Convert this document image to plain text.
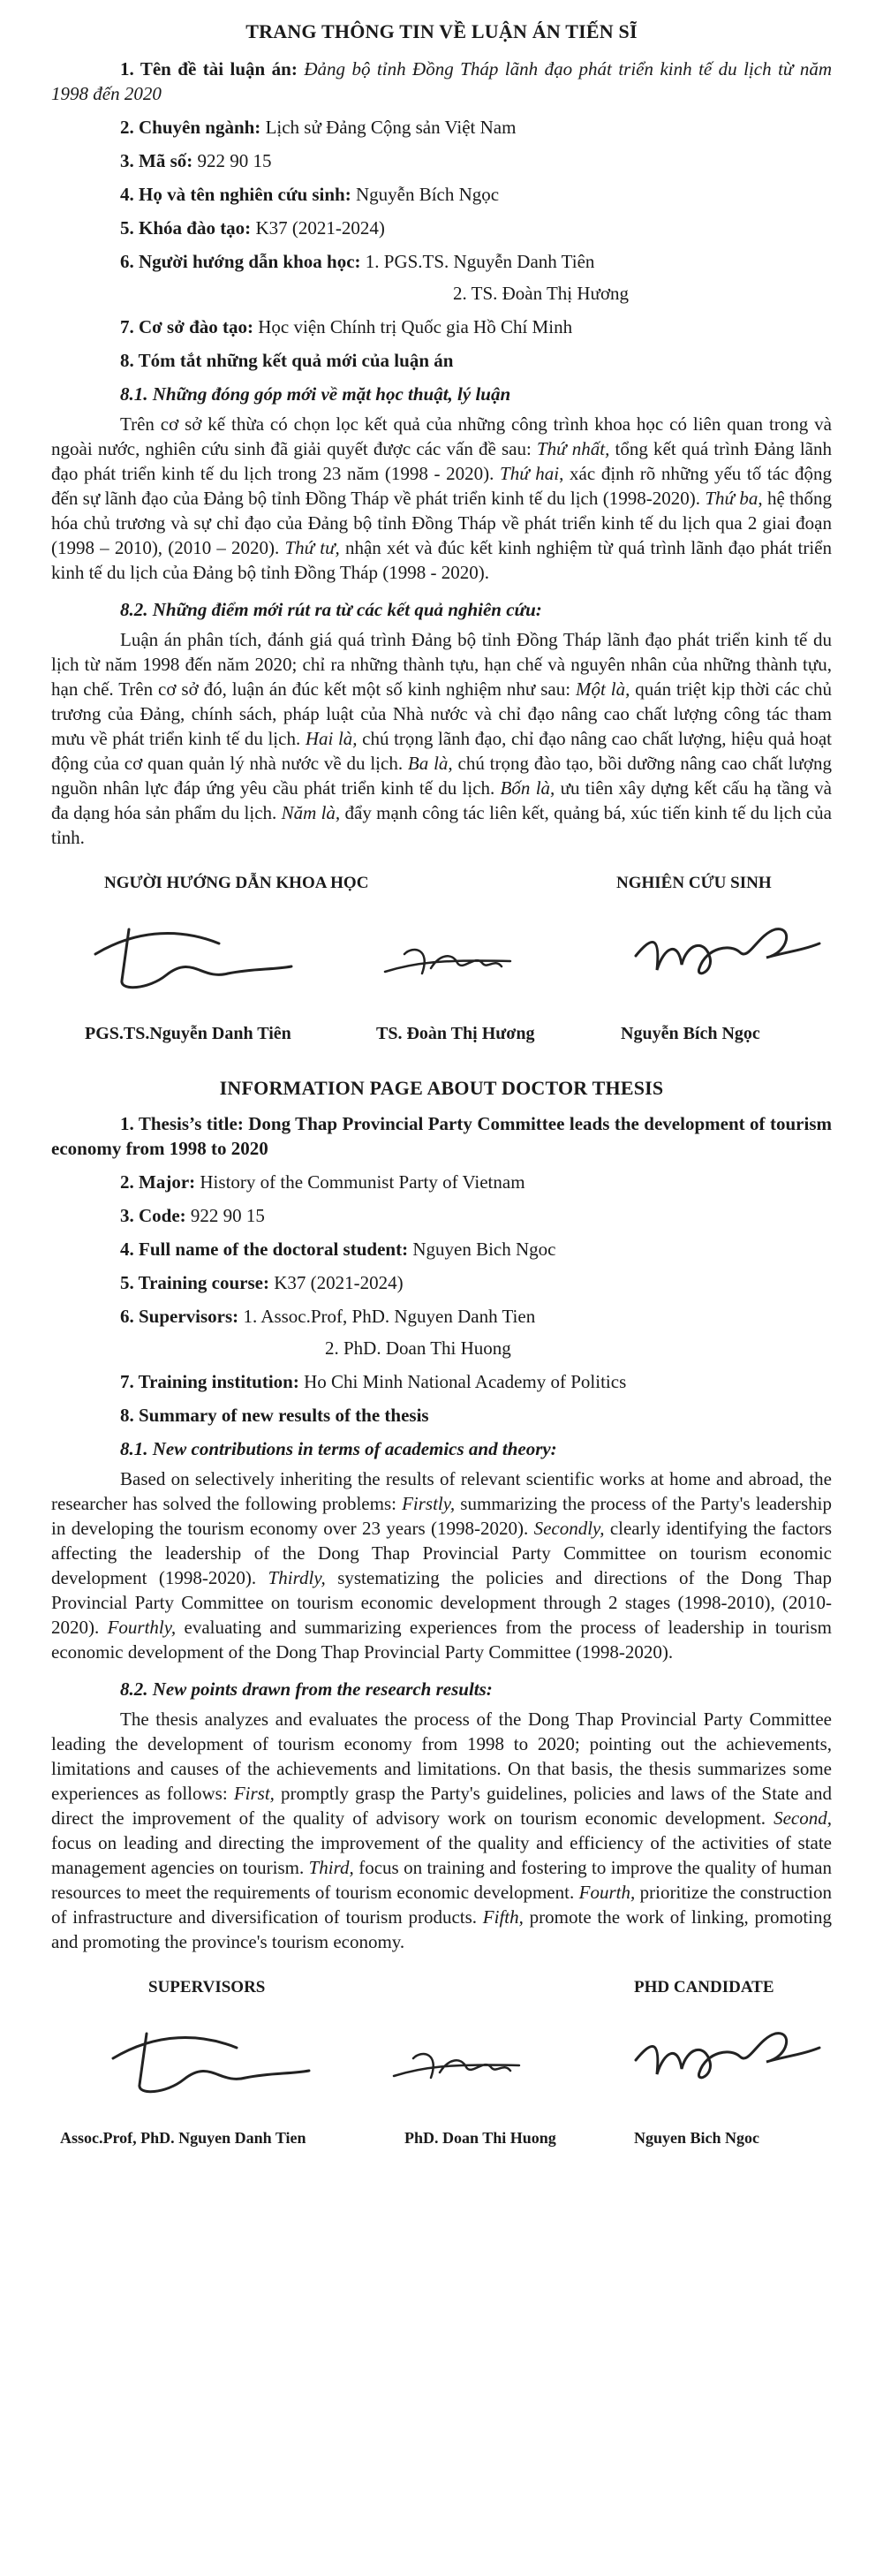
TRANG THÔNG TIN VỀ LUẬN ÁN TIẾN SĨ
1. Tên đề tài luận án: Đảng bộ tỉnh Đồng Tháp lãnh đạo phát triển kinh tế du lịch từ năm 1998 đến 2020
2. Chuyên ngành: Lịch sử Đảng Cộng sản Việt Nam
3. Mã số: 922 90 15
4. Họ và tên nghiên cứu sinh: Nguyễn Bích Ngọc
5. Khóa đào tạo: K37 (2021-2024)
6. Người hướng dẫn khoa học: 1. PGS.TS. Nguyễn Danh Tiên
2. TS. Đoàn Thị Hương
7. Cơ sở đào tạo: Học viện Chính trị Quốc gia Hồ Chí Minh
8. Tóm tắt những kết quả mới của luận án
8.1. Những đóng góp mới về mặt học thuật, lý luận

Trên cơ sở kế thừa có chọn lọc kết quả của những công trình khoa học có liên quan trong và ngoài nước, nghiên cứu sinh đã giải quyết được các vấn đề sau: Thứ nhất, tổng kết quá trình Đảng lãnh đạo phát triển kinh tế du lịch trong 23 năm (1998 - 2020). Thứ hai, xác định rõ những yếu tố tác động đến sự lãnh đạo của Đảng bộ tỉnh Đồng Tháp về phát triển kinh tế du lịch (1998-2020). Thứ ba, hệ thống hóa chủ trương và sự chỉ đạo của Đảng bộ tỉnh Đồng Tháp về phát triển kinh tế du lịch qua 2 giai đoạn (1998 – 2010), (2010 – 2020). Thứ tư, nhận xét và đúc kết kinh nghiệm từ quá trình lãnh đạo phát triển kinh tế du lịch của Đảng bộ tỉnh Đồng Tháp (1998 - 2020).

8.2. Những điểm mới rút ra từ các kết quả nghiên cứu:

Luận án phân tích, đánh giá quá trình Đảng bộ tỉnh Đồng Tháp lãnh đạo phát triển kinh tế du lịch từ năm 1998 đến năm 2020; chỉ ra những thành tựu, hạn chế và nguyên nhân của những thành tựu, hạn chế. Trên cơ sở đó, luận án đúc kết một số kinh nghiệm như sau: Một là, quán triệt kịp thời các chủ trương của Đảng, chính sách, pháp luật của Nhà nước và chỉ đạo nâng cao chất lượng công tác tham mưu về phát triển kinh tế du lịch. Hai là, chú trọng lãnh đạo, chỉ đạo nâng cao chất lượng, hiệu quả hoạt động của cơ quan quản lý nhà nước về du lịch. Ba là, chú trọng đào tạo, bồi dưỡng nâng cao chất lượng nguồn nhân lực đáp ứng yêu cầu phát triển kinh tế du lịch. Bốn là, ưu tiên xây dựng kết cấu hạ tầng và đa dạng hóa sản phẩm du lịch. Năm là, đẩy mạnh công tác liên kết, quảng bá, xúc tiến kinh tế du lịch của tỉnh.

NGƯỜI HƯỚNG DẪN KHOA HỌC	NGHIÊN CỨU SINH
PGS.TS.Nguyễn Danh Tiên	TS. Đoàn Thị Hương	Nguyễn Bích Ngọc
INFORMATION PAGE ABOUT DOCTOR THESIS
1. Thesis’s title: Dong Thap Provincial Party Committee leads the development of tourism economy from 1998 to 2020
2. Major: History of the Communist Party of Vietnam
3. Code: 922 90 15
4. Full name of the doctoral student: Nguyen Bich Ngoc
5. Training course: K37 (2021-2024)
6. Supervisors: 1. Assoc.Prof, PhD. Nguyen Danh Tien
2. PhD. Doan Thi Huong
7. Training institution: Ho Chi Minh National Academy of Politics
8. Summary of new results of the thesis
8.1. New contributions in terms of academics and theory:

Based on selectively inheriting the results of relevant scientific works at home and abroad, the researcher has solved the following problems: Firstly, summarizing the process of the Party's leadership in developing the tourism economy over 23 years (1998-2020). Secondly, clearly identifying the factors affecting the leadership of the Dong Thap Provincial Party Committee on tourism economic development (1998-2020). Thirdly, systematizing the policies and directions of the Dong Thap Provincial Party Committee on tourism economic development through 2 stages (1998-2010), (2010-2020). Fourthly, evaluating and summarizing experiences from the process of leadership in tourism economic development of the Dong Thap Provincial Party Committee (1998-2020).

8.2. New points drawn from the research results:

The thesis analyzes and evaluates the process of the Dong Thap Provincial Party Committee leading the development of tourism economy from 1998 to 2020; pointing out the achievements, limitations and causes of the achievements and limitations. On that basis, the thesis summarizes some experiences as follows: First, promptly grasp the Party's guidelines, policies and laws of the State and direct the improvement of the quality of advisory work on tourism economic development. Second, focus on leading and directing the improvement of the quality and efficiency of the activities of state management agencies on tourism. Third, focus on training and fostering to improve the quality of human resources to meet the requirements of tourism economic development. Fourth, prioritize the construction of infrastructure and diversification of tourism products. Fifth, promote the work of linking, promoting and promoting the province's tourism economy.

SUPERVISORS	PHD CANDIDATE
Assoc.Prof, PhD. Nguyen Danh Tien	PhD. Doan Thi Huong	Nguyen Bich Ngoc
